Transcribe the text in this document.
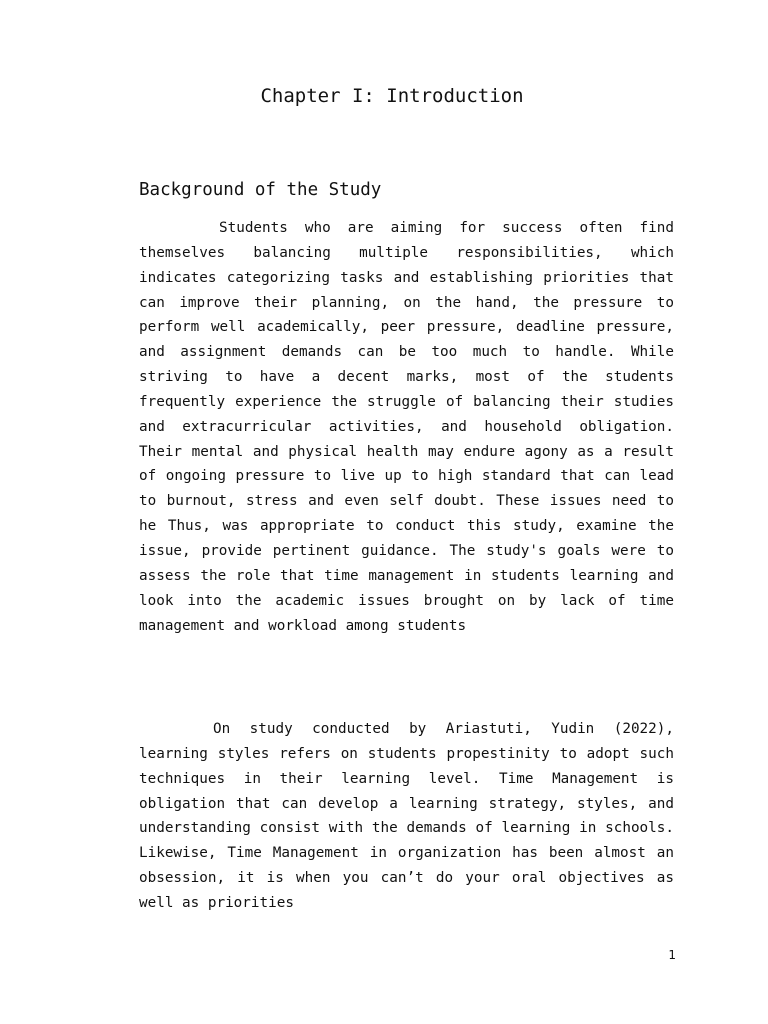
Chapter I: Introduction
Background of the Study

Students who are aiming for success often find themselves balancing multiple responsibilities, which indicates categorizing tasks and establishing priorities that can improve their planning, on the hand, the pressure to perform well academically, peer pressure, deadline pressure, and assignment demands can be too much to handle. While striving to have a decent marks, most of the students frequently experience the struggle of balancing their studies and extracurricular activities, and household obligation. Their mental and physical health may endure agony as a result of ongoing pressure to live up to high standard that can lead to burnout, stress and even self doubt. These issues need to he Thus, was appropriate to conduct this study, examine the issue, provide pertinent guidance. The study's goals were to assess the role that time management in students learning and look into the academic issues brought on by lack of time management and workload among students

On study conducted by Ariastuti, Yudin (2022), learning styles refers on students propestinity to adopt such techniques in their learning level. Time Management is obligation that can develop a learning strategy, styles, and understanding consist with the demands of learning in schools. Likewise, Time Management in organization has been almost an obsession, it is when you can’t do your oral objectives as well as priorities

1
